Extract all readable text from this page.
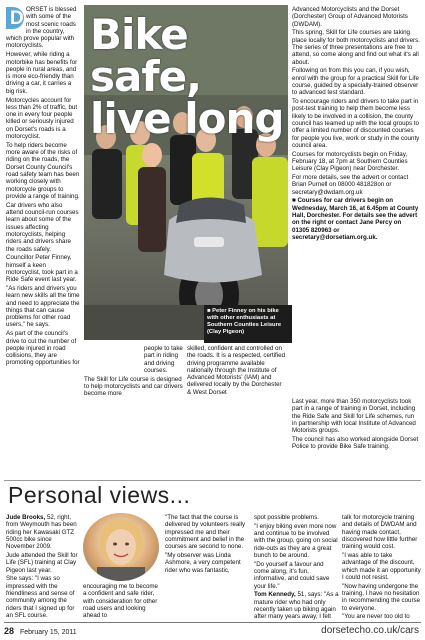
D ORSET is blessed with some of the most scenic roads in the country, which prove popular with motorcyclists.

However, while riding a motorbike has benefits for people in rural areas, and is more eco-friendly than driving a car, it carries a big risk.

Motorcycles account for less than 2% of traffic, but one in every four people killed or seriously injured on Dorset's roads is a motorcyclist.

To help riders become more aware of the risks of riding on the roads, the Dorset County Council's road safety team has been working closely with motorcycle groups to provide a range of training.

Car drivers who also attend council-run courses learn about some of the issues affecting motorcyclists, helping riders and drivers share the roads safely.

Councillor Peter Finney, himself a keen motorcyclist, took part in a Ride Safe event last year.

"As riders and drivers you learn new skills all the time and need to appreciate the things that can cause problems for other road users," he says.

As part of the council's drive to cut the number of people injured in road collisions, they are promoting opportunities for

Bike safe,
live long
■ Peter Finney on his bike with other enthusiasts at Southern Counties Leisure (Clay Pigeon)

people to take part in riding and driving courses.

The Skill for Life course is designed to help motorcyclists and car drivers become more

skilled, confident and controlled on the roads. It is a respected, certified driving programme available nationally through the Institute of Advanced Motorists' (IAM) and delivered locally by the Dorchester & West Dorset

Advanced Motorcyclists and the Dorset (Dorchester) Group of Advanced Motorists (DWDAM).

This spring, Skill for Life courses are taking place locally for both motorcyclists and drivers. The series of three presentations are free to attend, so come along and find out what it's all about.

Following on from this you can, if you wish, enrol with the group for a practical Skill for Life course, guided by a specially-trained observer to advanced test standard.

To encourage riders and drivers to take part in post-test training to help them become less likely to be involved in a collision, the county council has teamed up with the local groups to offer a limited number of discounted courses for people you live, work or study in the county council area.

Courses for motorcyclists begin on Friday, February 18, at 7pm at Southern Counties Leisure (Clay Pigeon) near Dorchester.

For more details, see the advert or contact Brian Purnell on 08000 481828on or secretary@dwdam.org.uk

■ Courses for car drivers begin on Wednesday, March 16, at 6.45pm at County Hall, Dorchester. For details see the advert on the right or contact Jane Percy on 01305 820963 or secretary@dorsetiam.org.uk.

Last year, more than 350 motorcyclists took part in a range of training in Dorset, including the Ride Safe and Skill for Life schemes, run in partnership with local Institute of Advanced Motorists groups.

The council has also worked alongside Dorset Police to provide Bike Safe training.

Personal views...

Jude Brooks, 52, right, from Weymouth has been riding her Kawasaki GTZ 500cc bike since November 2009.

Jude attended the Skill for Life (SFL) training at Clay Pigeon last year.

She says: "I was so impressed with the friendliness and sense of community among the riders that I signed up for an SFL course.

encouraging me to become a confident and safe rider, with consideration for other road users and looking ahead to

"The fact that the course is delivered by volunteers really impressed me and their commitment and belief in the courses are second to none.

"My observer was Linda Ashmore, a very competent rider who was fantastic,

spot possible problems.

"I enjoy biking even more now and continue to be involved with the group, going on social ride-outs as they are a great bunch to be around.

"Do yourself a favour and come along, it's fun, informative, and could save your life."

Tom Kennedy, 51, says: "As a mature rider who had only recently taken up biking again after many years away, I felt

talk for motorcycle training and details of DWDAM and having made contact, discovered how little further training would cost.

"I was able to take advantage of the discount, which made it an opportunity I could not resist.

"Now having undergone the training, I have no hesitation in recommending the course to everyone.

"You are never too old to

28 February 15, 2011	dorsetecho.co.uk/cars
